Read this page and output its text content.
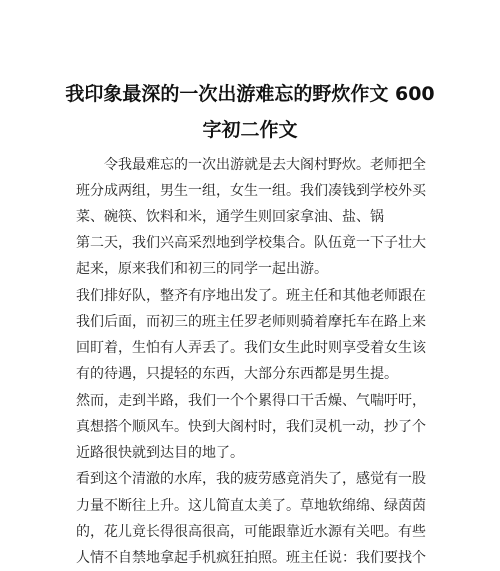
我印象最深的一次出游难忘的野炊作文 600
字初二作文
　　令我最难忘的一次出游就是去大阁村野炊。老师把全
班分成两组，男生一组，女生一组。我们凑钱到学校外买
菜、碗筷、饮料和米，通学生则回家拿油、盐、锅
第二天，我们兴高采烈地到学校集合。队伍竟一下子壮大
起来，原来我们和初三的同学一起出游。
我们排好队，整齐有序地出发了。班主任和其他老师跟在
我们后面，而初三的班主任罗老师则骑着摩托车在路上来
回盯着，生怕有人弄丢了。我们女生此时则享受着女生该
有的待遇，只提轻的东西，大部分东西都是男生提。
然而，走到半路，我们一个个累得口干舌燥、气喘吁吁，
真想搭个顺风车。快到大阁村时，我们灵机一动，抄了个
近路很快就到达目的地了。
看到这个清澈的水库，我的疲劳感竟消失了，感觉有一股
力量不断往上升。这儿简直太美了。草地软绵绵、绿茵茵
的，花儿竟长得很高很高，可能跟靠近水源有关吧。有些
人情不自禁地拿起手机疯狂拍照。班主任说：我们要找个
